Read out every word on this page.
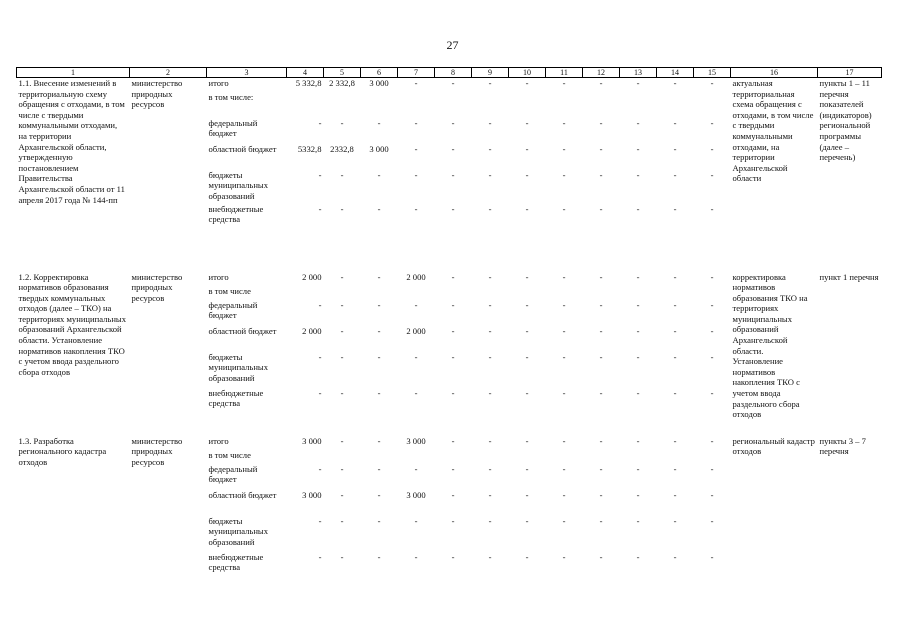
27
1	2	3	4	5	6	7	8	9	10	11	12	13	14	15	16	17
1.1. Внесение изменений в территориальную схему обращения с отходами, в том числе с твердыми коммунальными отходами, на территории Архангельской области, утвержденную постановлением Правительства Архангельской области от 11 апреля 2017 года № 144-пп	министерство природных ресурсов	итого	5 332,8	2 332,8	3 000	-	-	-	-	-	-	-	-	-	актуальная территориальная схема обращения с отходами, в том числе с твердыми коммунальными отходами, на территории Архангельской области	пункты 1 – 11 перечня показателей (индикаторов) региональной программы (далее – перечень)
		в том числе:														
		федеральный бюджет	-	-	-	-	-	-	-	-	-	-	-	-		
		областной бюджет	5332,8	2332,8	3 000	-	-	-	-	-	-	-	-	-		
		бюджеты муниципальных образований	-	-	-	-	-	-	-	-	-	-	-	-		
		внебюджетные средства	-	-	-	-	-	-	-	-	-	-	-	-		

1.2. Корректировка нормативов образования твердых коммунальных отходов (далее – ТКО) на территориях муниципальных образований Архангельской области. Установление нормативов накопления ТКО с учетом ввода раздельного сбора отходов	министерство природных ресурсов	итого	2 000	-	-	2 000	-	-	-	-	-	-	-	-	корректировка нормативов образования ТКО на территориях муниципальных образований Архангельской области. Установление нормативов накопления ТКО с учетом ввода раздельного сбора отходов	пункт 1 перечня
		в том числе														
		федеральный бюджет	-	-	-	-	-	-	-	-	-	-	-	-		
		областной бюджет	2 000	-	-	2 000	-	-	-	-	-	-	-	-		
		бюджеты муниципальных образований	-	-	-	-	-	-	-	-	-	-	-	-		
		внебюджетные средства	-	-	-	-	-	-	-	-	-	-	-	-		

1.3. Разработка регионального кадастра отходов	министерство природных ресурсов	итого	3 000	-	-	3 000	-	-	-	-	-	-	-	-	региональный кадастр отходов	пункты 3 – 7 перечня
		в том числе														
		федеральный бюджет	-	-	-	-	-	-	-	-	-	-	-	-		
		областной бюджет	3 000	-	-	3 000	-	-	-	-	-	-	-	-		
		бюджеты муниципальных образований	-	-	-	-	-	-	-	-	-	-	-	-		
		внебюджетные средства	-	-	-	-	-	-	-	-	-	-	-	-		
